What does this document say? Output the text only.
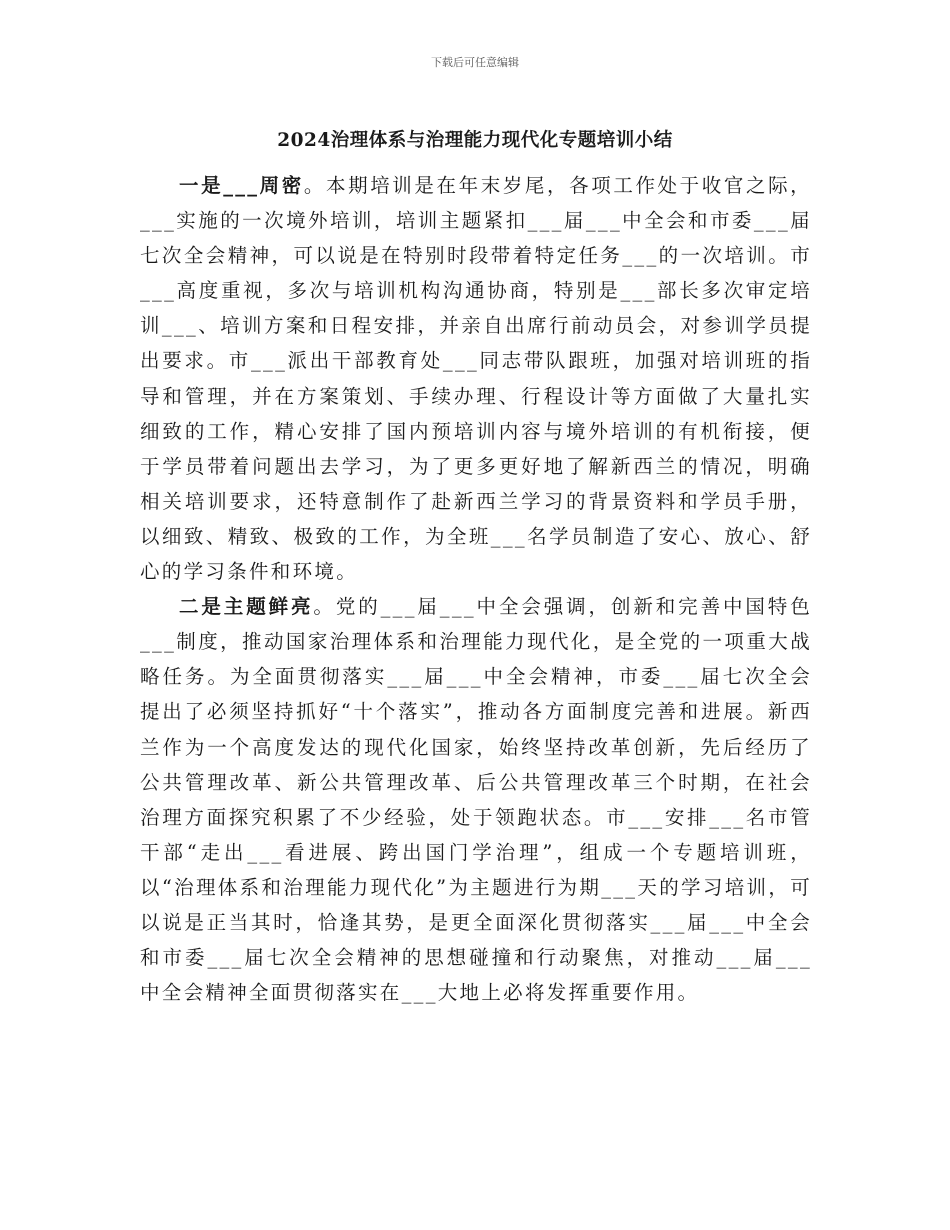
下载后可任意编辑
2024治理体系与治理能力现代化专题培训小结

一是___周密。本期培训是在年末岁尾，各项工作处于收官之际，___实施的一次境外培训，培训主题紧扣___届___中全会和市委___届七次全会精神，可以说是在特别时段带着特定任务___的一次培训。市___高度重视，多次与培训机构沟通协商，特别是___部长多次审定培训___、培训方案和日程安排，并亲自出席行前动员会，对参训学员提出要求。市___派出干部教育处___同志带队跟班，加强对培训班的指导和管理，并在方案策划、手续办理、行程设计等方面做了大量扎实细致的工作，精心安排了国内预培训内容与境外培训的有机衔接，便于学员带着问题出去学习，为了更多更好地了解新西兰的情况，明确相关培训要求，还特意制作了赴新西兰学习的背景资料和学员手册，以细致、精致、极致的工作，为全班___名学员制造了安心、放心、舒心的学习条件和环境。

二是主题鲜亮。党的___届___中全会强调，创新和完善中国特色___制度，推动国家治理体系和治理能力现代化，是全党的一项重大战略任务。为全面贯彻落实___届___中全会精神，市委___届七次全会提出了必须坚持抓好“十个落实”，推动各方面制度完善和进展。新西兰作为一个高度发达的现代化国家，始终坚持改革创新，先后经历了公共管理改革、新公共管理改革、后公共管理改革三个时期，在社会治理方面探究积累了不少经验，处于领跑状态。市___安排___名市管干部“走出___看进展、跨出国门学治理”，组成一个专题培训班，以“治理体系和治理能力现代化”为主题进行为期___天的学习培训，可以说是正当其时，恰逢其势，是更全面深化贯彻落实___届___中全会和市委___届七次全会精神的思想碰撞和行动聚焦，对推动___届___中全会精神全面贯彻落实在___大地上必将发挥重要作用。
